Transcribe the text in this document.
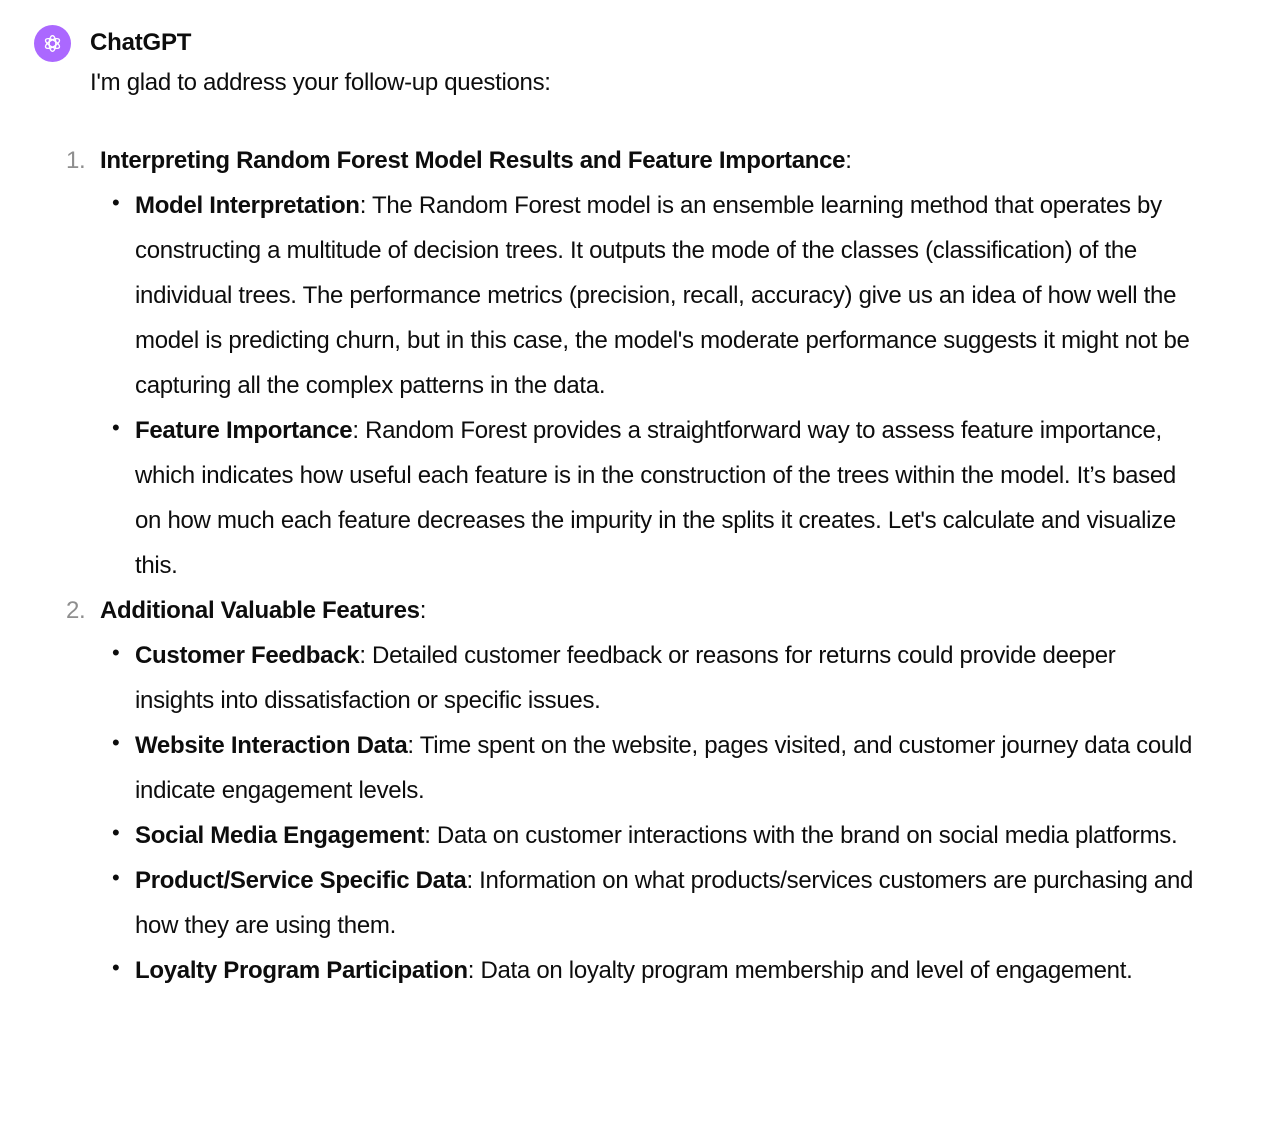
ChatGPT
I'm glad to address your follow-up questions:
1. Interpreting Random Forest Model Results and Feature Importance:
• Model Interpretation: The Random Forest model is an ensemble learning method that operates by constructing a multitude of decision trees. It outputs the mode of the classes (classification) of the individual trees. The performance metrics (precision, recall, accuracy) give us an idea of how well the model is predicting churn, but in this case, the model's moderate performance suggests it might not be capturing all the complex patterns in the data.
• Feature Importance: Random Forest provides a straightforward way to assess feature importance, which indicates how useful each feature is in the construction of the trees within the model. It’s based on how much each feature decreases the impurity in the splits it creates. Let's calculate and visualize this.
2. Additional Valuable Features:
• Customer Feedback: Detailed customer feedback or reasons for returns could provide deeper insights into dissatisfaction or specific issues.
• Website Interaction Data: Time spent on the website, pages visited, and customer journey data could indicate engagement levels.
• Social Media Engagement: Data on customer interactions with the brand on social media platforms.
• Product/Service Specific Data: Information on what products/services customers are purchasing and how they are using them.
• Loyalty Program Participation: Data on loyalty program membership and level of engagement.
